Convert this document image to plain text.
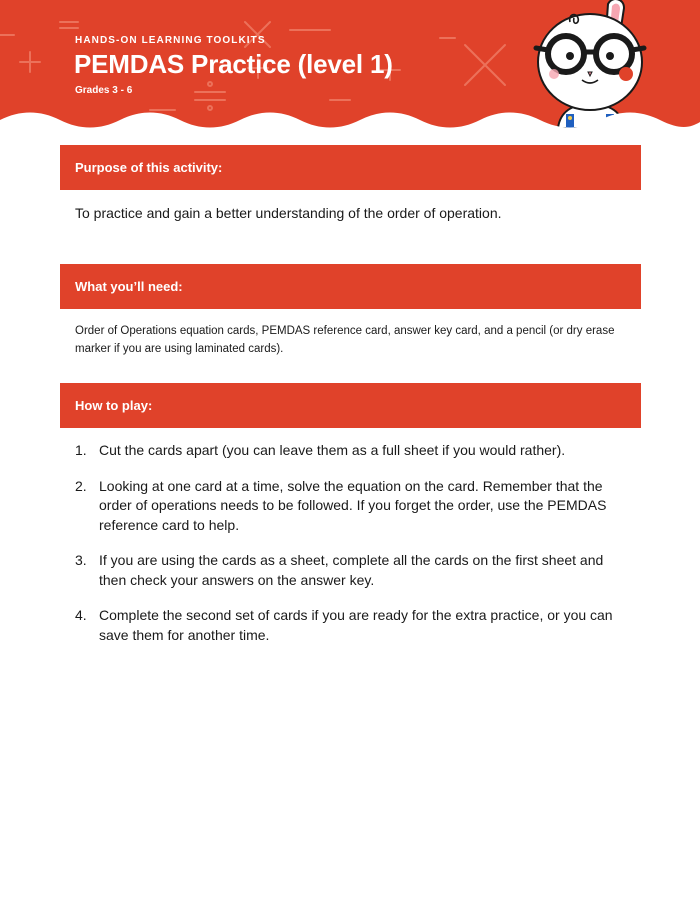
HANDS-ON LEARNING TOOLKITS
PEMDAS Practice (level 1)
Grades 3 - 6
Purpose of this activity:
To practice and gain a better understanding of the order of operation.
What you’ll need:
Order of Operations equation cards, PEMDAS reference card, answer key card, and a pencil (or dry erase marker if you are using laminated cards).
How to play:
1. Cut the cards apart (you can leave them as a full sheet if you would rather).
2. Looking at one card at a time, solve the equation on the card. Remember that the order of operations needs to be followed. If you forget the order, use the PEMDAS reference card to help.
3. If you are using the cards as a sheet, complete all the cards on the first sheet and then check your answers on the answer key.
4. Complete the second set of cards if you are ready for the extra practice, or you can save them for another time.
